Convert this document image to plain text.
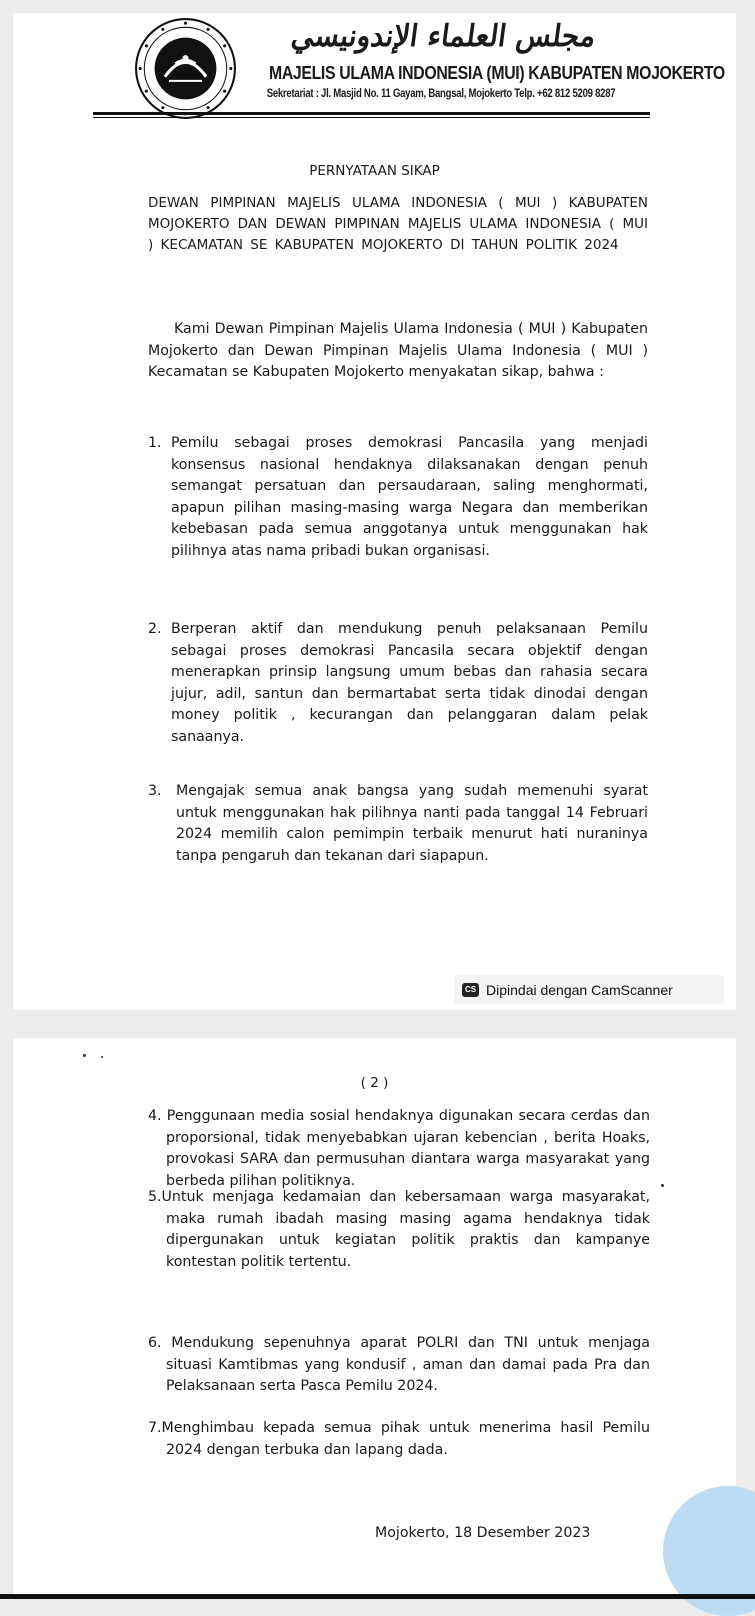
مجلس العلماء الإندونيسي
MAJELIS ULAMA INDONESIA (MUI) KABUPATEN MOJOKERTO
Sekretariat : Jl. Masjid No. 11 Gayam, Bangsal, Mojokerto Telp. +62 812 5209 8287
PERNYATAAN SIKAP
DEWAN PIMPINAN MAJELIS ULAMA INDONESIA ( MUI ) KABUPATEN MOJOKERTO DAN DEWAN PIMPINAN MAJELIS ULAMA INDONESIA ( MUI ) KECAMATAN SE KABUPATEN MOJOKERTO DI TAHUN POLITIK 2024
Kami Dewan Pimpinan Majelis Ulama Indonesia ( MUI ) Kabupaten Mojokerto dan Dewan Pimpinan Majelis Ulama Indonesia ( MUI ) Kecamatan se Kabupaten Mojokerto menyakatan sikap, bahwa :
1. Pemilu sebagai proses demokrasi Pancasila yang menjadi konsensus nasional hendaknya dilaksanakan dengan penuh semangat persatuan dan persaudaraan, saling menghormati, apapun pilihan masing-masing warga Negara dan memberikan kebebasan pada semua anggotanya untuk menggunakan hak pilihnya atas nama pribadi bukan organisasi.
2. Berperan aktif dan mendukung penuh pelaksanaan Pemilu sebagai proses demokrasi Pancasila secara objektif dengan menerapkan prinsip langsung umum bebas dan rahasia secara jujur, adil, santun dan bermartabat serta tidak dinodai dengan money politik , kecurangan dan pelanggaran dalam pelak sanaanya.
3. Mengajak semua anak bangsa yang sudah memenuhi syarat untuk menggunakan hak pilihnya nanti pada tanggal 14 Februari 2024 memilih calon pemimpin terbaik menurut hati nuraninya tanpa pengaruh dan tekanan dari siapapun.
CS Dipindai dengan CamScanner
( 2 )
4. Penggunaan media sosial hendaknya digunakan secara cerdas dan proporsional, tidak menyebabkan ujaran kebencian , berita Hoaks, provokasi SARA dan permusuhan diantara warga masyarakat yang berbeda pilihan politiknya.
5.Untuk menjaga kedamaian dan kebersamaan warga masyarakat, maka rumah ibadah masing masing agama hendaknya tidak dipergunakan untuk kegiatan politik praktis dan kampanye kontestan politik tertentu.
6. Mendukung sepenuhnya aparat POLRI dan TNI untuk menjaga situasi Kamtibmas yang kondusif , aman dan damai pada Pra dan Pelaksanaan serta Pasca Pemilu 2024.
7.Menghimbau kepada semua pihak untuk menerima hasil Pemilu 2024 dengan terbuka dan lapang dada.
Mojokerto, 18 Desember 2023
